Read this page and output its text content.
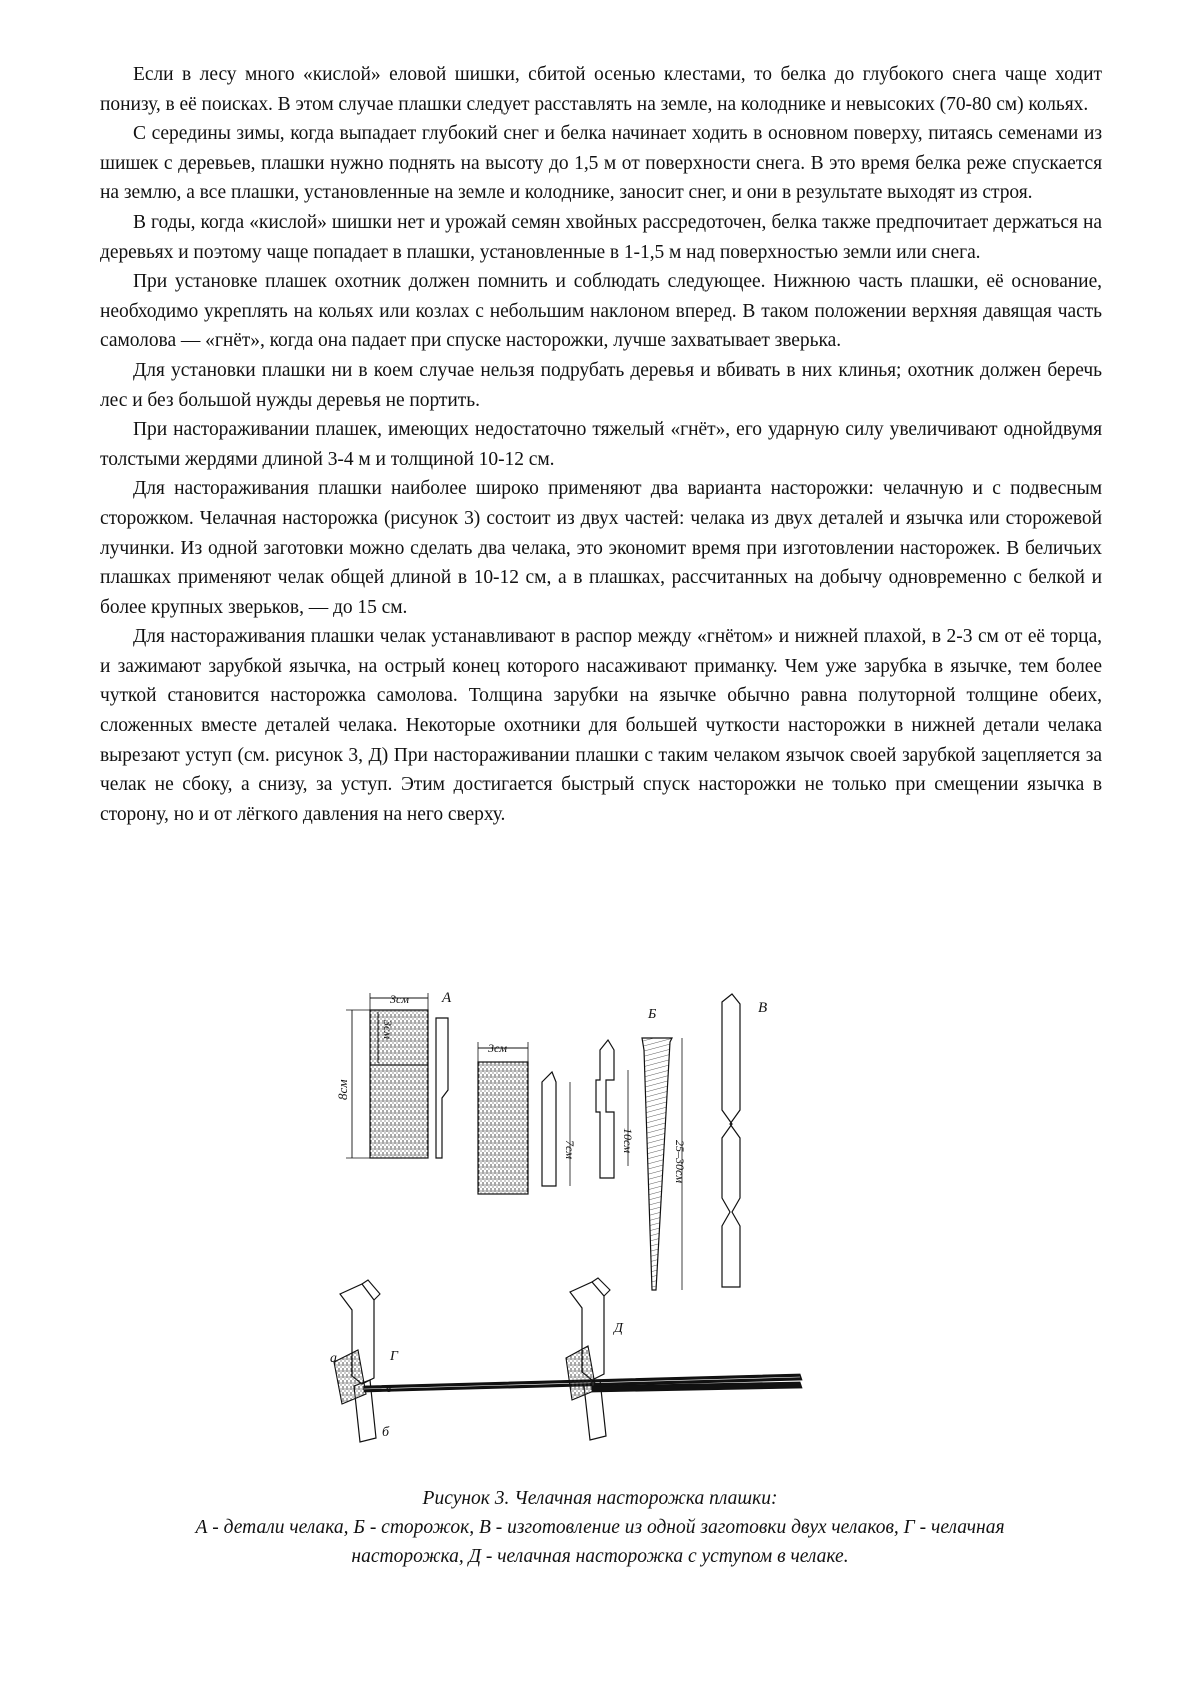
Если в лесу много «кислой» еловой шишки, сбитой осенью клестами, то белка до глубокого снега чаще ходит понизу, в её поисках. В этом случае плашки следует расставлять на земле, на колоднике и невысоких (70-80 см) кольях.

С середины зимы, когда выпадает глубокий снег и белка начинает ходить в основном поверху, питаясь семенами из шишек с деревьев, плашки нужно поднять на высоту до 1,5 м от поверхности снега. В это время белка реже спускается на землю, а все плашки, установленные на земле и колоднике, заносит снег, и они в результате выходят из строя.

В годы, когда «кислой» шишки нет и урожай семян хвойных рассредоточен, белка также предпочитает держаться на деревьях и поэтому чаще попадает в плашки, установленные в 1-1,5 м над поверхностью земли или снега.

При установке плашек охотник должен помнить и соблюдать следующее. Нижнюю часть плашки, её основание, необходимо укреплять на кольях или козлах с небольшим наклоном вперед. В таком положении верхняя давящая часть самолова — «гнёт», когда она падает при спуске насторожки, лучше захватывает зверька.

Для установки плашки ни в коем случае нельзя подрубать деревья и вбивать в них клинья; охотник должен беречь лес и без большой нужды деревья не портить.

При настораживании плашек, имеющих недостаточно тяжелый «гнёт», его ударную силу увеличивают однойдвумя толстыми жердями длиной 3-4 м и толщиной 10-12 см.

Для настораживания плашки наиболее широко применяют два варианта насторожки: челачную и с подвесным сторожком. Челачная насторожка (рисунок 3) состоит из двух частей: челака из двух деталей и язычка или сторожевой лучинки. Из одной заготовки можно сделать два челака, это экономит время при изготовлении насторожек. В беличьих плашках применяют челак общей длиной в 10-12 см, а в плашках, рассчитанных на добычу одновременно с белкой и более крупных зверьков, — до 15 см.

Для настораживания плашки челак устанавливают в распор между «гнётом» и нижней плахой, в 2-3 см от её торца, и зажимают зарубкой язычка, на острый конец которого насаживают приманку. Чем уже зарубка в язычке, тем более чуткой становится насторожка самолова. Толщина зарубки на язычке обычно равна полуторной толщине обеих, сложенных вместе деталей челака. Некоторые охотники для большей чуткости насторожки в нижней детали челака вырезают уступ (см. рисунок 3, Д) При настораживании плашки с таким челаком язычок своей зарубкой зацепляется за челак не сбоку, а снизу, за уступ. Этим достигается быстрый спуск насторожки не только при смещении язычка в сторону, но и от лёгкого давления на него сверху.

3см
3см
8см
А
3см
7см	10см	25–30см
Б	В
а	Г
в
б
Д

Рисунок 3. Челачная насторожка плашки:

А - детали челака, Б - сторожок, В - изготовление из одной заготовки двух челаков, Г - челачная

насторожка, Д - челачная насторожка с уступом в челаке.
